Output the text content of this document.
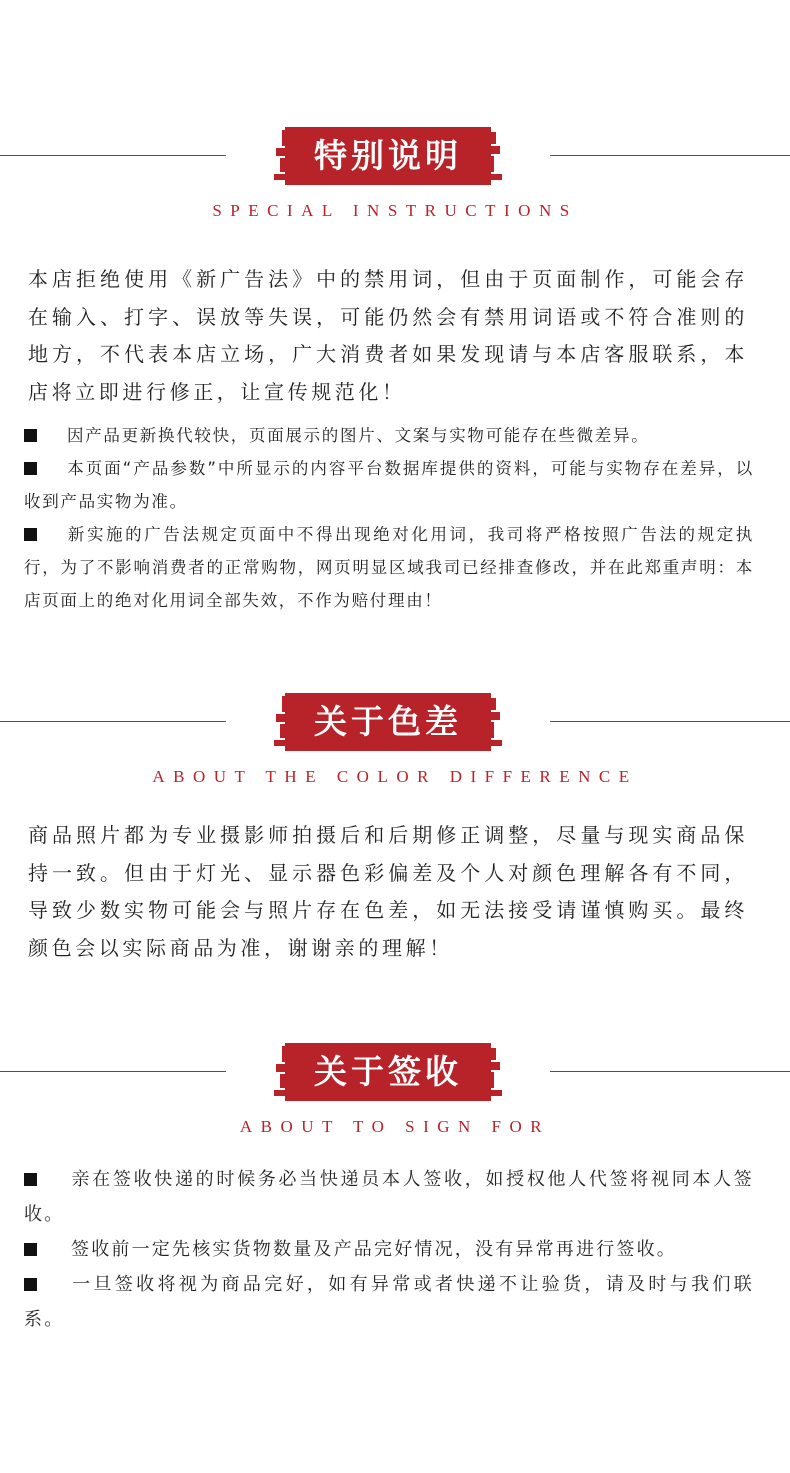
特别说明
SPECIAL INSTRUCTIONS

本店拒绝使用《新广告法》中的禁用词，但由于页面制作，可能会存在输入、打字、误放等失误，可能仍然会有禁用词语或不符合准则的地方，不代表本店立场，广大消费者如果发现请与本店客服联系，本店将立即进行修正，让宣传规范化！

因产品更新换代较快，页面展示的图片、文案与实物可能存在些微差异。
本页面“产品参数”中所显示的内容平台数据库提供的资料，可能与实物存在差异，以收到产品实物为准。
新实施的广告法规定页面中不得出现绝对化用词，我司将严格按照广告法的规定执行，为了不影响消费者的正常购物，网页明显区域我司已经排查修改，并在此郑重声明：本店页面上的绝对化用词全部失效，不作为赔付理由！
关于色差
ABOUT THE COLOR DIFFERENCE

商品照片都为专业摄影师拍摄后和后期修正调整，尽量与现实商品保持一致。但由于灯光、显示器色彩偏差及个人对颜色理解各有不同，导致少数实物可能会与照片存在色差，如无法接受请谨慎购买。最终颜色会以实际商品为准，谢谢亲的理解！

关于签收
ABOUT TO SIGN FOR
亲在签收快递的时候务必当快递员本人签收，如授权他人代签将视同本人签收。
签收前一定先核实货物数量及产品完好情况，没有异常再进行签收。
一旦签收将视为商品完好，如有异常或者快递不让验货，请及时与我们联系。
